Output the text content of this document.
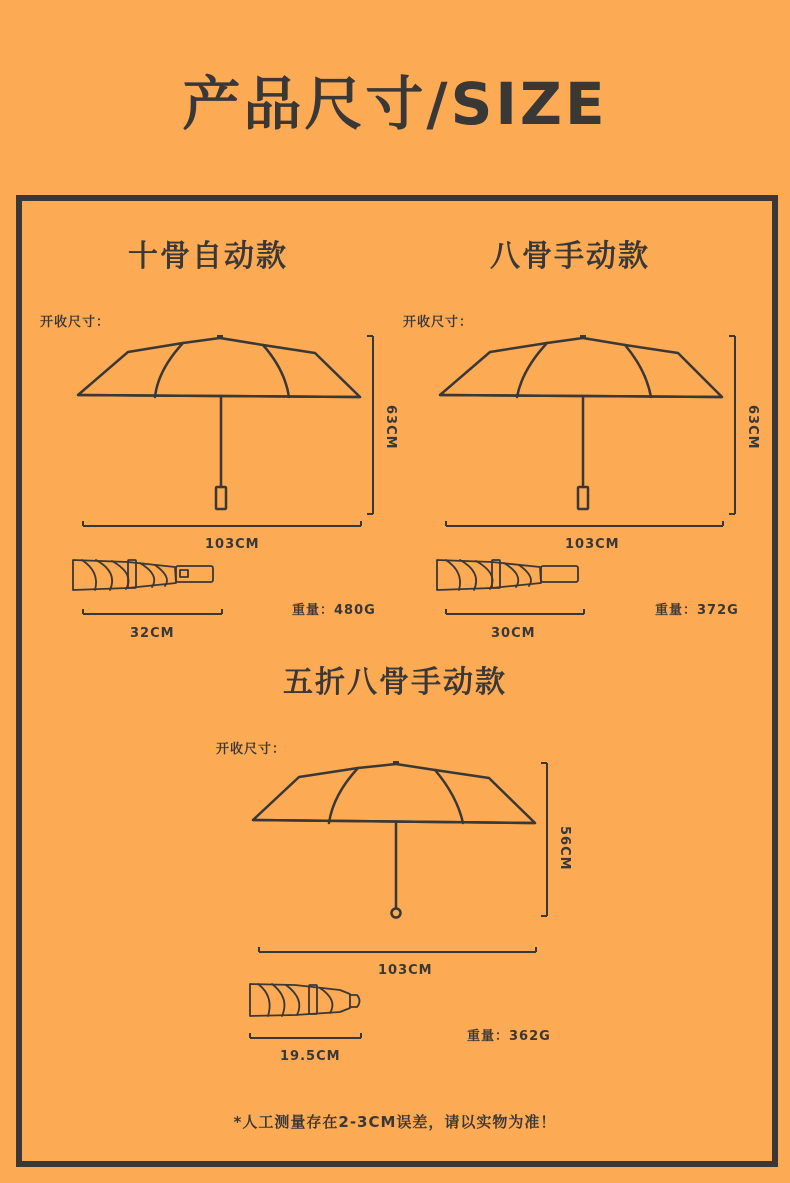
产品尺寸/SIZE
十骨自动款
开收尺寸：
63CM
103CM
32CM
重量：480G
八骨手动款
开收尺寸：
63CM
103CM
30CM
重量：372G
五折八骨手动款
开收尺寸：
56CM
103CM
19.5CM
重量：362G
*人工测量存在2-3CM误差，请以实物为准！
